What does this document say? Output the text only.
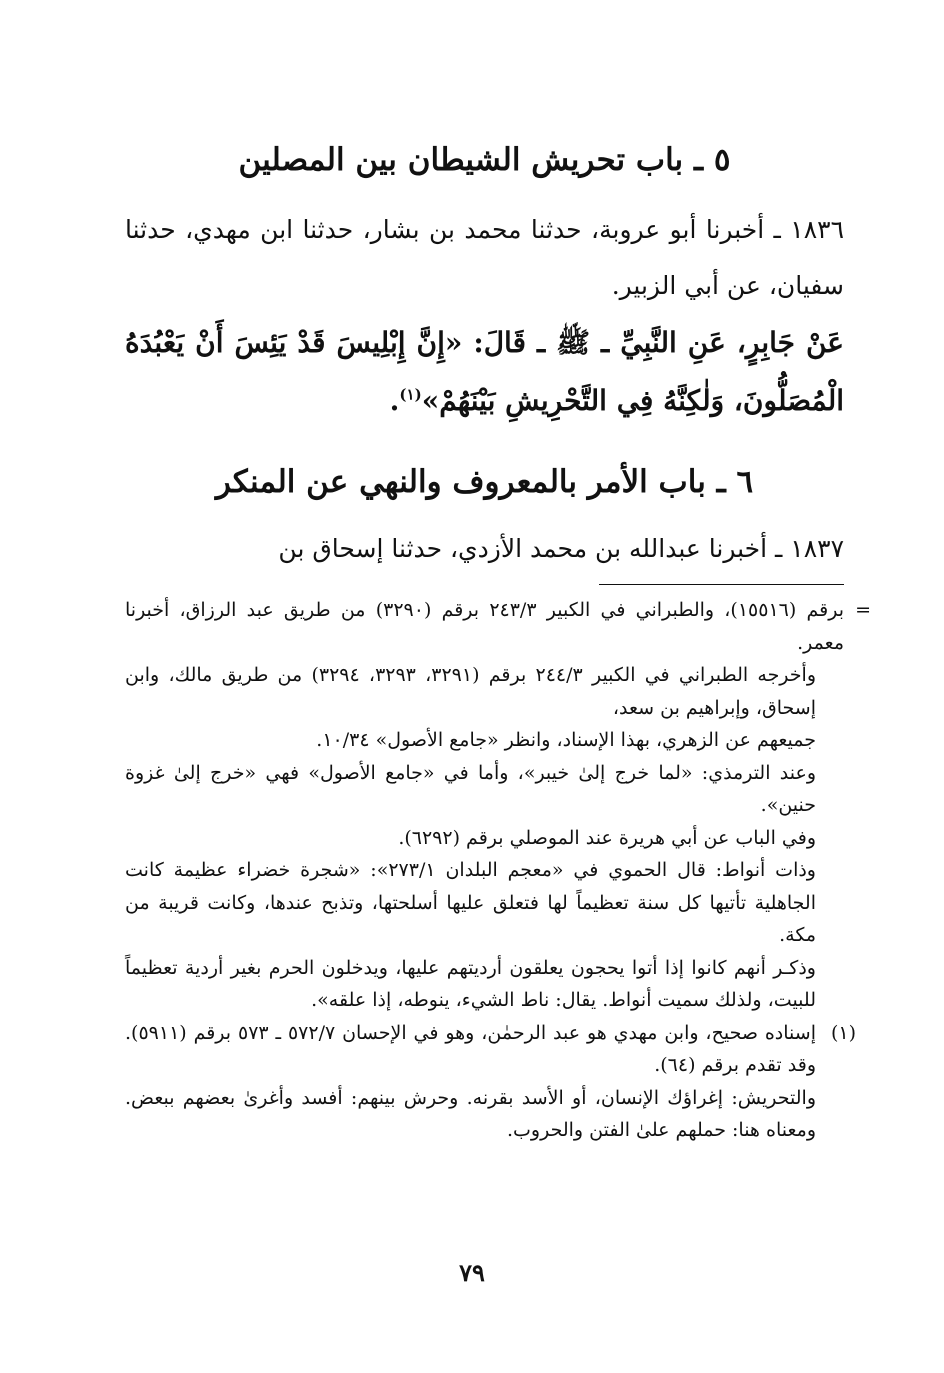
٥ ـ باب تحريش الشيطان بين المصلين

١٨٣٦ ـ أخبرنا أبو عروبة، حدثنا محمد بن بشار، حدثنا ابن مهدي، حدثنا سفيان، عن أبي الزبير.

عَنْ جَابِرٍ، عَنِ النَّبِيِّ ـ ﷺ ـ قَالَ: «إِنَّ إِبْلِيسَ قَدْ يَئِسَ أَنْ يَعْبُدَهُ الْمُصَلُّونَ، وَلٰكِنَّهُ فِي التَّحْرِيشِ بَيْنَهُمْ»$^{(١)}$.

٦ ـ باب الأمر بالمعروف والنهي عن المنكر

١٨٣٧ ـ أخبرنا عبدالله بن محمد الأزدي، حدثنا إسحاق بن

=

برقم (١٥٥١٦)، والطبراني في الكبير ٢٤٣/٣ برقم (٣٢٩٠) من طريق عبد الرزاق، أخبرنا معمر.

وأخرجه الطبراني في الكبير ٢٤٤/٣ برقم (٣٢٩١، ٣٢٩٣، ٣٢٩٤) من طريق مالك، وابن إسحاق، وإبراهيم بن سعد،

جميعهم عن الزهري، بهذا الإسناد، وانظر «جامع الأصول» ١٠/٣٤.

وعند الترمذي: «لما خرج إلىٰ خيبر»، وأما في «جامع الأصول» فهي «خرج إلىٰ غزوة حنين».

وفي الباب عن أبي هريرة عند الموصلي برقم (٦٢٩٢).

وذات أنواط: قال الحموي في «معجم البلدان ٢٧٣/١»: «شجرة خضراء عظيمة كانت الجاهلية تأتيها كل سنة تعظيماً لها فتعلق عليها أسلحتها، وتذبح عندها، وكانت قريبة من مكة.

وذكـر أنهم كانوا إذا أتوا يحجون يعلقون أرديتهم عليها، ويدخلون الحرم بغير أردية تعظيماً للبيت، ولذلك سميت أنواط. يقال: ناط الشيء، ينوطه، إذا علقه».

(١)

إسناده صحيح، وابن مهدي هو عبد الرحمٰن، وهو في الإحسان ٥٧٢/٧ ـ ٥٧٣ برقم (٥٩١١). وقد تقدم برقم (٦٤).

والتحريش: إغراؤك الإنسان، أو الأسد بقرنه. وحرش بينهم: أفسد وأغرىٰ بعضهم ببعض. ومعناه هنا: حملهم علىٰ الفتن والحروب.

٧٩
